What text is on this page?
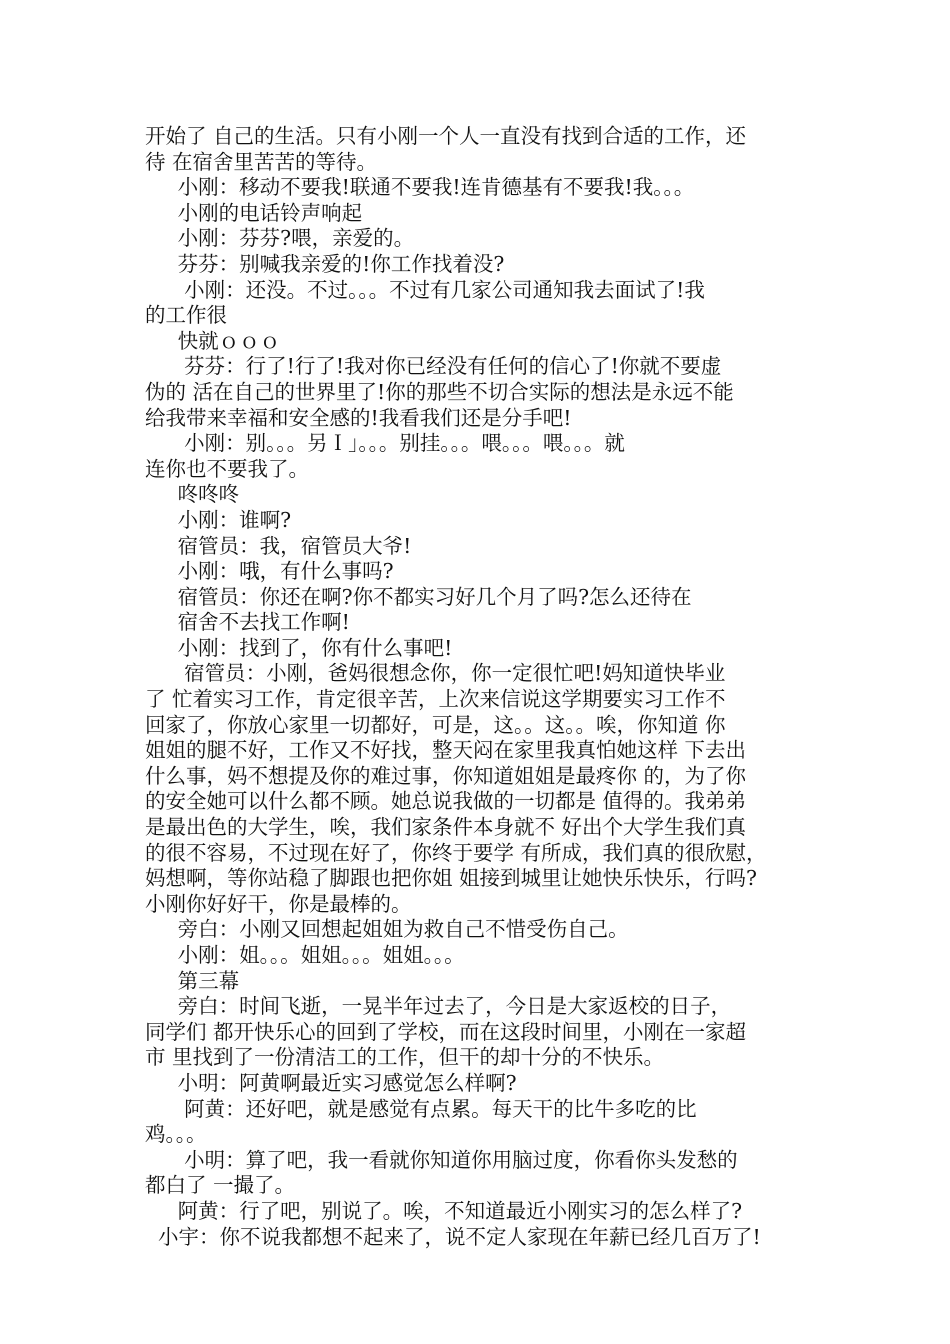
开始了 自己的生活。只有小刚一个人一直没有找到合适的工作，还
待 在宿舍里苦苦的等待。
小刚：移动不要我!联通不要我!连肯德基有不要我!我。。。
小刚的电话铃声响起
小刚：芬芬?喂，亲爱的。
芬芬：别喊我亲爱的!你工作找着没?
小刚：还没。不过。。。不过有几家公司通知我去面试了!我
的工作很
快就ｏｏｏ
芬芬：行了!行了!我对你已经没有任何的信心了!你就不要虚
伪的 活在自己的世界里了!你的那些不切合实际的想法是永远不能
给我带来幸福和安全感的!我看我们还是分手吧!
小刚：别。。。另Ｉ」。。。别挂。。。喂。。。喂。。。就
连你也不要我了。
咚咚咚
小刚：谁啊?
宿管员：我，宿管员大爷!
小刚：哦，有什么事吗?
宿管员：你还在啊?你不都实习好几个月了吗?怎么还待在
宿舍不去找工作啊!
小刚：找到了，你有什么事吧!
宿管员：小刚，爸妈很想念你，你一定很忙吧!妈知道快毕业
了 忙着实习工作，肯定很辛苦，上次来信说这学期要实习工作不
回家了，你放心家里一切都好，可是，这。。这。。唉，你知道 你
姐姐的腿不好，工作又不好找，整天闷在家里我真怕她这样 下去出
什么事，妈不想提及你的难过事，你知道姐姐是最疼你 的，为了你
的安全她可以什么都不顾。她总说我做的一切都是 值得的。我弟弟
是最出色的大学生，唉，我们家条件本身就不 好出个大学生我们真
的很不容易，不过现在好了，你终于要学 有所成，我们真的很欣慰，
妈想啊，等你站稳了脚跟也把你姐 姐接到城里让她快乐快乐，行吗?
小刚你好好干，你是最棒的。
旁白：小刚又回想起姐姐为救自己不惜受伤自己。
小刚：姐。。。姐姐。。。姐姐。。。
第三幕
旁白：时间飞逝，一晃半年过去了，今日是大家返校的日子，
同学们 都开快乐心的回到了学校，而在这段时间里，小刚在一家超
市 里找到了一份清洁工的工作，但干的却十分的不快乐。
小明：阿黄啊最近实习感觉怎么样啊?
阿黄：还好吧，就是感觉有点累。每天干的比牛多吃的比
鸡。。。
小明：算了吧，我一看就你知道你用脑过度，你看你头发愁的
都白了 一撮了。
阿黄：行了吧，别说了。唉，不知道最近小刚实习的怎么样了?
小宇：你不说我都想不起来了，说不定人家现在年薪已经几百万了!
